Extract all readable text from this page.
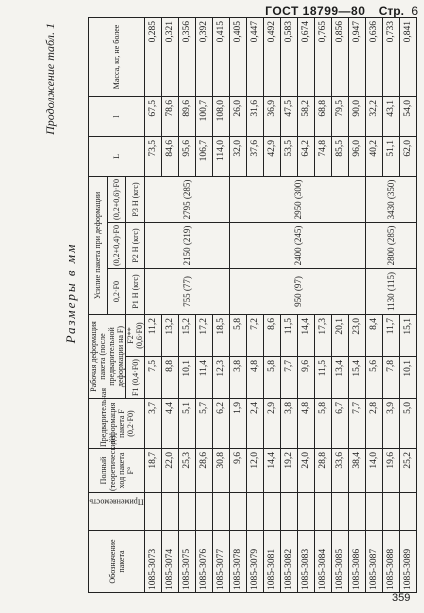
ГОСТ 18799—80 Стр. 6
Продолжение табл. 1
Размеры в мм
Обозначение пакета	Применяемость	Полный (теоретический) ход пакета F°	Предварительная деформация пакета F (0,2·F0)	Рабочая деформация пакета (после предварительной деформации на F)		Усилие пакета при деформации			L	l	Масса, кг, не более
						0,2·F0	(0,2+0,4)·F0	(0,2+0,6)·F0			
				F1 (0,4·F0)	F2** (0,6·F0)	P1 Н (кгс)	P2 Н (кгс)	P3 Н (кгс)			
1085-3073		18,7	3,7	7,5	11,2	755 (77)	2150 (219)	2795 (285)	73,5	67,5	0,285
1085-3074		22,0	4,4	8,8	13,2				84,6	78,6	0,321
1085-3075		25,3	5,1	10,1	15,2				95,6	89,6	0,356
1085-3076		28,6	5,7	11,4	17,2				106,7	100,7	0,392
1085-3077		30,8	6,2	12,3	18,5				114,0	108,0	0,415
1085-3078		9,6	1,9	3,8	5,8	950 (97)	2400 (245)	2950 (300)	32,0	26,0	0,405
1085-3079		12,0	2,4	4,8	7,2				37,6	31,6	0,447
1085-3081		14,4	2,9	5,8	8,6				42,9	36,9	0,492
1085-3082		19,2	3,8	7,7	11,5				53,5	47,5	0,583
1085-3083		24,0	4,8	9,6	14,4				64,2	58,2	0,674
1085-3084		28,8	5,8	11,5	17,3				74,8	68,8	0,765
1085-3085		33,6	6,7	13,4	20,1				85,5	79,5	0,856
1085-3086		38,4	7,7	15,4	23,0				96,0	90,0	0,947
1085-3087		14,0	2,8	5,6	8,4	1130 (115)	2800 (285)	3430 (350)	40,2	32,2	0,636
1085-3088		19,6	3,9	7,8	11,7				51,1	43,1	0,733
1085-3089		25,2	5,0	10,1	15,1				62,0	54,0	0,841
359
